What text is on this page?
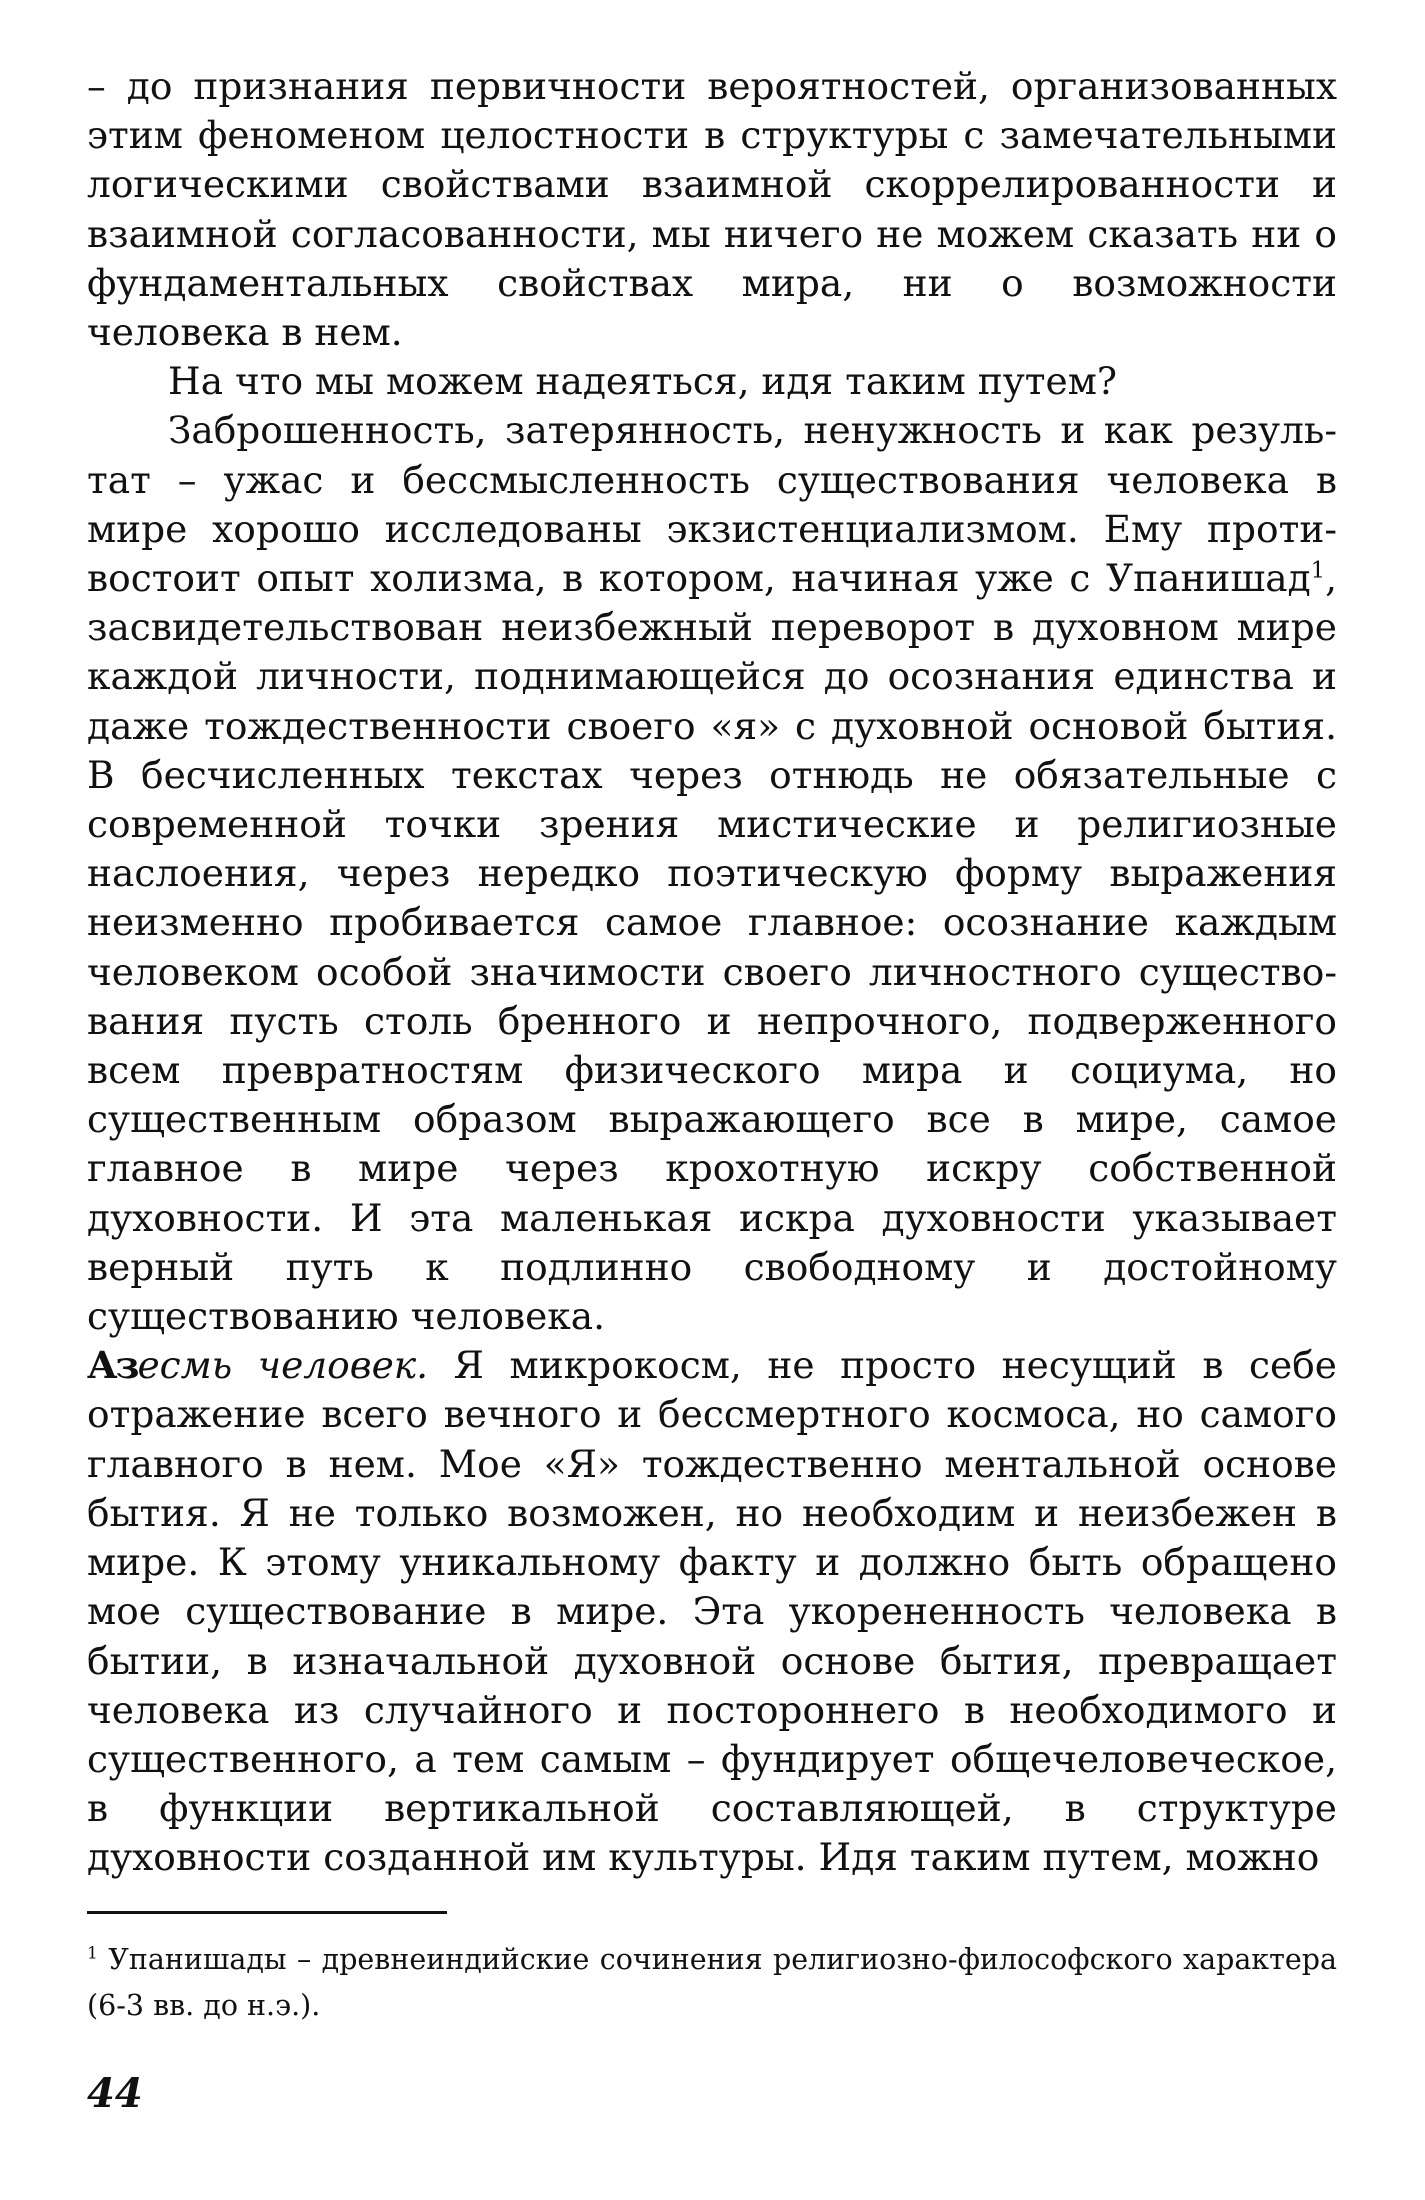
– до признания первичности вероятностей, организованных этим феноменом целостности в структуры с замечательными логическими свойствами взаимной скоррелированности и взаимной согласованности, мы ничего не можем сказать ни о фундаментальных свойствах мира, ни о возможности человека в нем.

На что мы можем надеяться, идя таким путем?

Заброшенность, затерянность, ненужность и как результат – ужас и бессмысленность существования человека в мире хорошо исследованы экзистенциализмом. Ему противостоит опыт холизма, в котором, начиная уже с Упанишад$^1$, засвидетельствован неизбежный переворот в духовном мире каждой личности, поднимающейся до осознания единства и даже тождественности своего «я» с духовной основой бытия. В бесчисленных текстах через отнюдь не обязательные с современной точки зрения мистические и религиозные наслоения, через нередко поэтическую форму выражения неизменно пробивается самое главное: осознание каждым человеком особой значимости своего личностного существования пусть столь бренного и непрочного, подверженного всем превратностям физического мира и социума, но существенным образом выражающего все в мире, самое главное в мире через крохотную искру собственной духовности. И эта маленькая искра духовности указывает верный путь к подлинно свободному и достойному существованию человека.

Азесмь человек. Я микрокосм, не просто несущий в себе отражение всего вечного и бессмертного космоса, но самого главного в нем. Мое «Я» тождественно ментальной основе бытия. Я не только возможен, но необходим и неизбежен в мире. К этому уникальному факту и должно быть обращено мое существование в мире. Эта укорененность человека в бытии, в изначальной духовной основе бытия, превращает человека из случайного и постороннего в необходимого и существенного, а тем самым – фундирует общечеловеческое, в функции вертикальной составляющей, в структуре духовности созданной им культуры. Идя таким путем, можно

$^1$ Упанишады – древнеиндийские сочинения религиозно-философского характера (6-3 вв. до н.э.).

44
